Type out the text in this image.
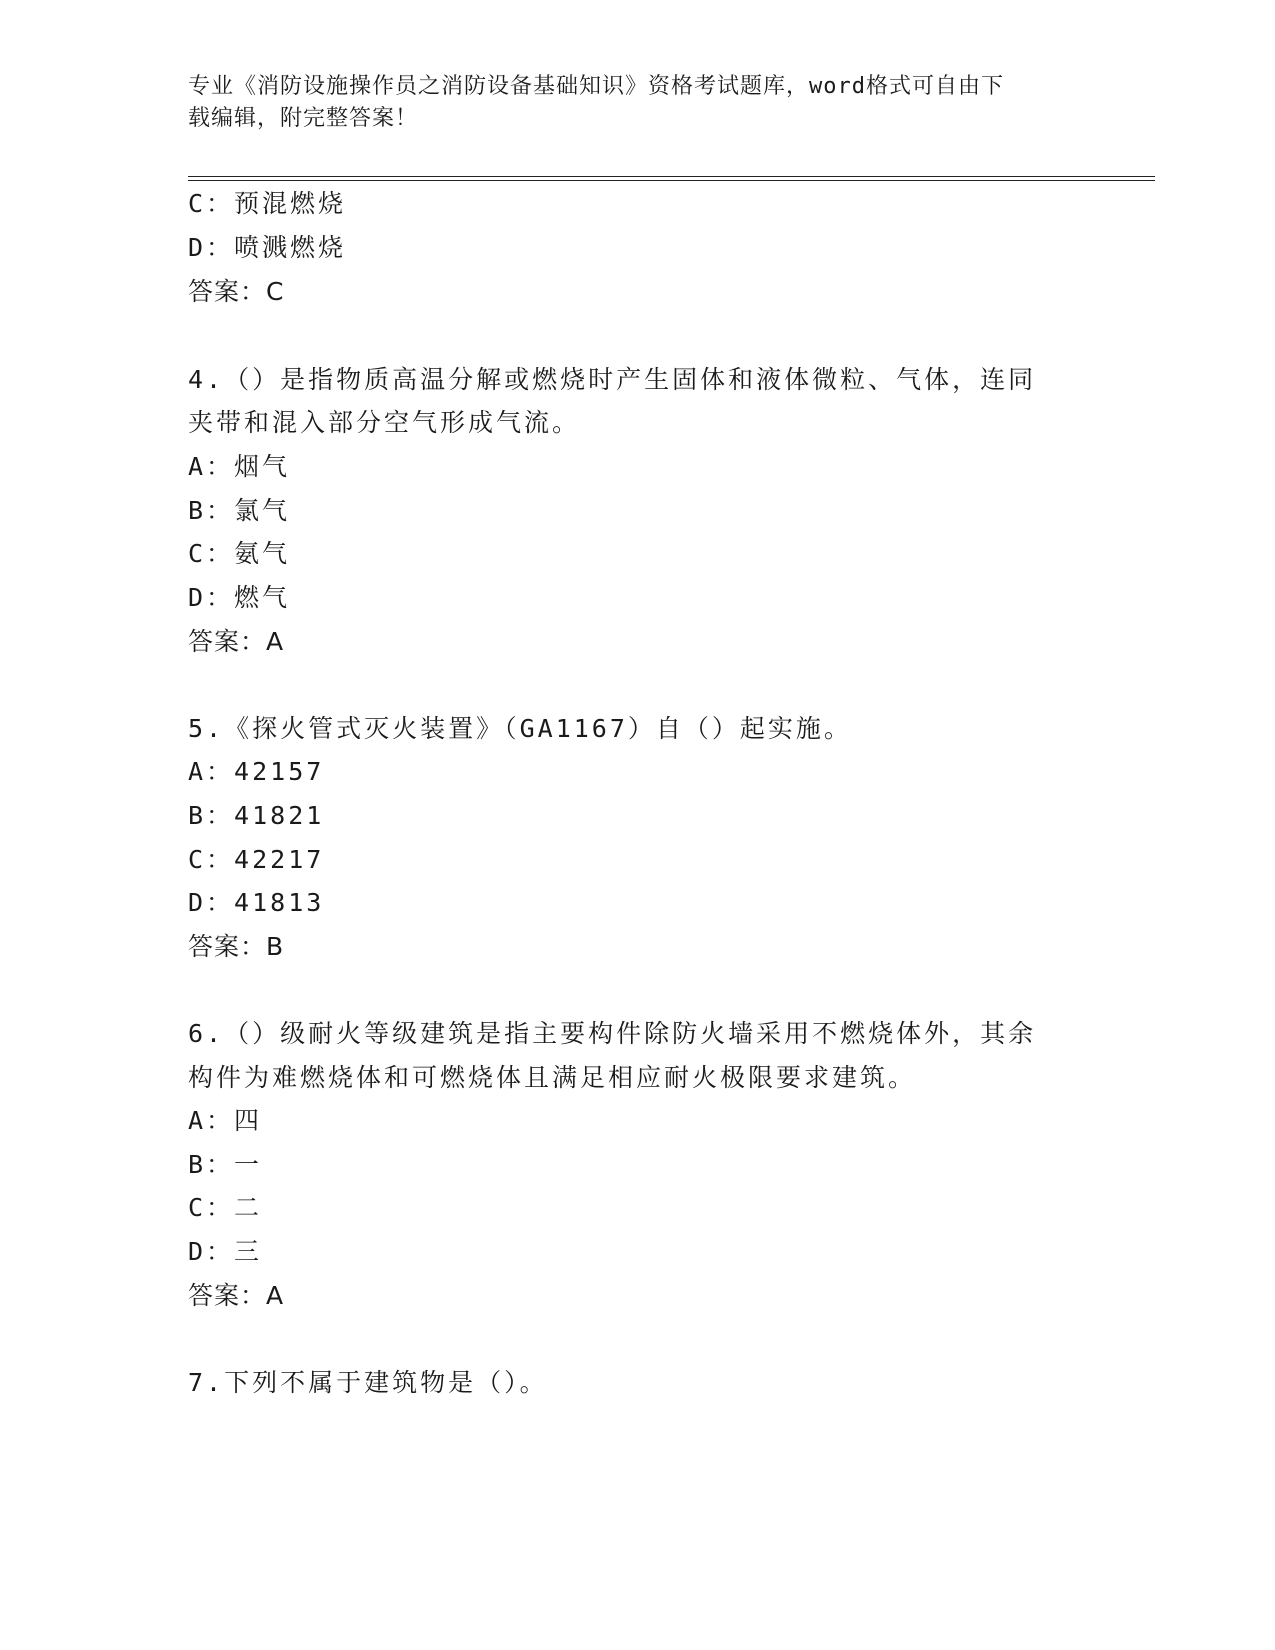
专业《消防设施操作员之消防设备基础知识》资格考试题库，word格式可自由下
载编辑，附完整答案！
C：预混燃烧
D：喷溅燃烧
答案：C
4.（）是指物质高温分解或燃烧时产生固体和液体微粒、气体，连同
夹带和混入部分空气形成气流。
A：烟气
B：氯气
C：氨气
D：燃气
答案：A
5.《探火管式灭火装置》（GA1167）自（）起实施。
A：42157
B：41821
C：42217
D：41813
答案：B
6.（）级耐火等级建筑是指主要构件除防火墙采用不燃烧体外，其余
构件为难燃烧体和可燃烧体且满足相应耐火极限要求建筑。
A：四
B：一
C：二
D：三
答案：A
7.下列不属于建筑物是（）。
